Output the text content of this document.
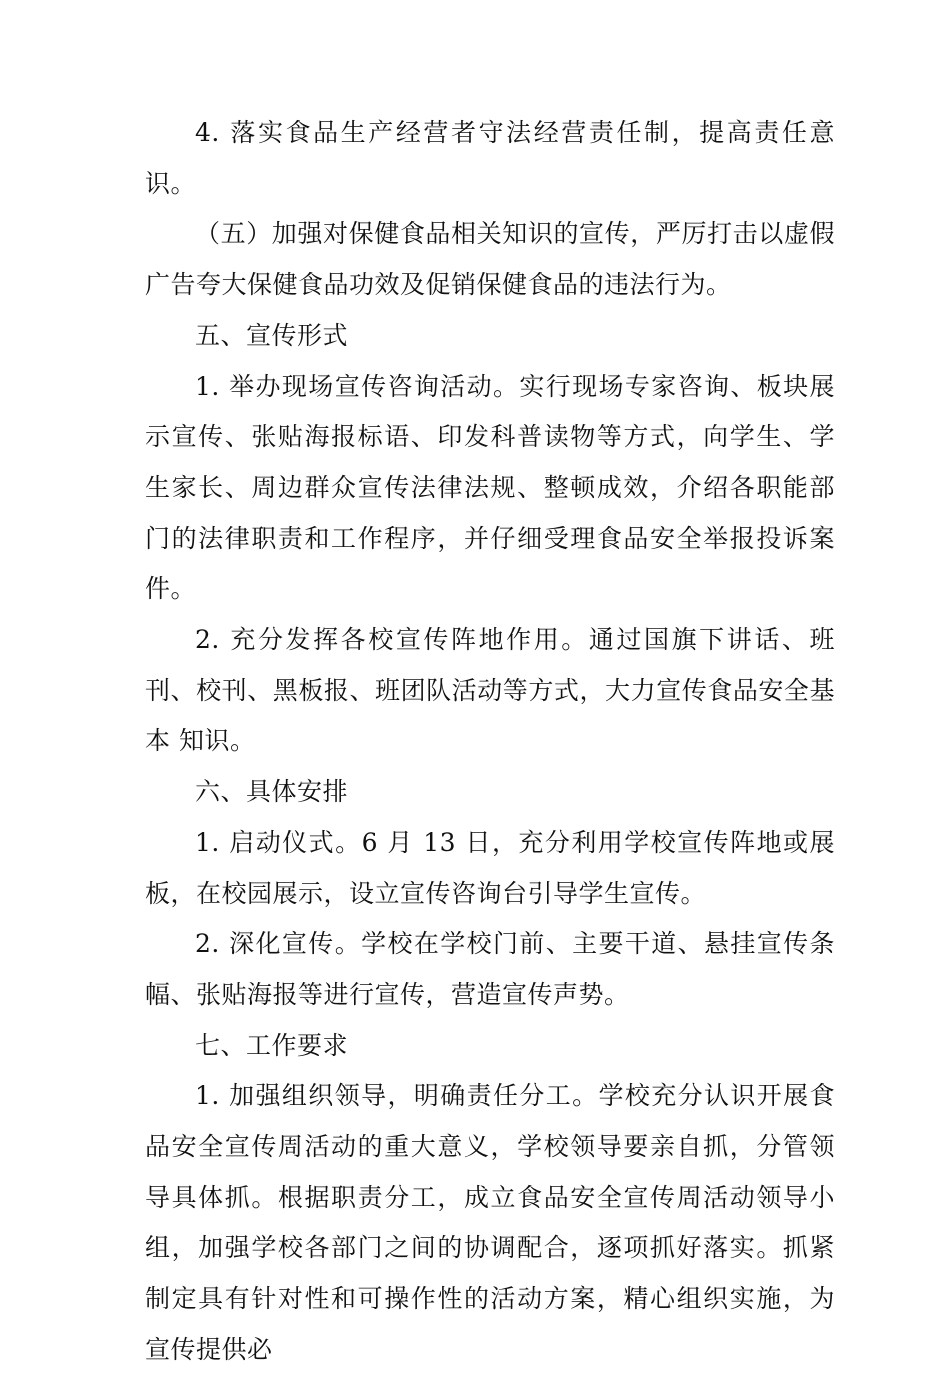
4. 落实食品生产经营者守法经营责任制，提高责任意识。

（五）加强对保健食品相关知识的宣传，严厉打击以虚假广告夸大保健食品功效及促销保健食品的违法行为。

五、宣传形式

1. 举办现场宣传咨询活动。实行现场专家咨询、板块展 示宣传、张贴海报标语、印发科普读物等方式，向学生、学 生家长、周边群众宣传法律法规、整顿成效，介绍各职能部 门的法律职责和工作程序，并仔细受理食品安全举报投诉案 件。

2. 充分发挥各校宣传阵地作用。通过国旗下讲话、班刊、校刊、黑板报、班团队活动等方式，大力宣传食品安全基本 知识。

六、具体安排

1. 启动仪式。6 月 13 日，充分利用学校宣传阵地或展板，在校园展示，设立宣传咨询台引导学生宣传。

2. 深化宣传。学校在学校门前、主要干道、悬挂宣传条幅、张贴海报等进行宣传，营造宣传声势。

七、工作要求

1. 加强组织领导，明确责任分工。学校充分认识开展食 品安全宣传周活动的重大意义，学校领导要亲自抓，分管领 导具体抓。根据职责分工，成立食品安全宣传周活动领导小 组，加强学校各部门之间的协调配合，逐项抓好落实。抓紧 制定具有针对性和可操作性的活动方案，精心组织实施，为 宣传提供必
